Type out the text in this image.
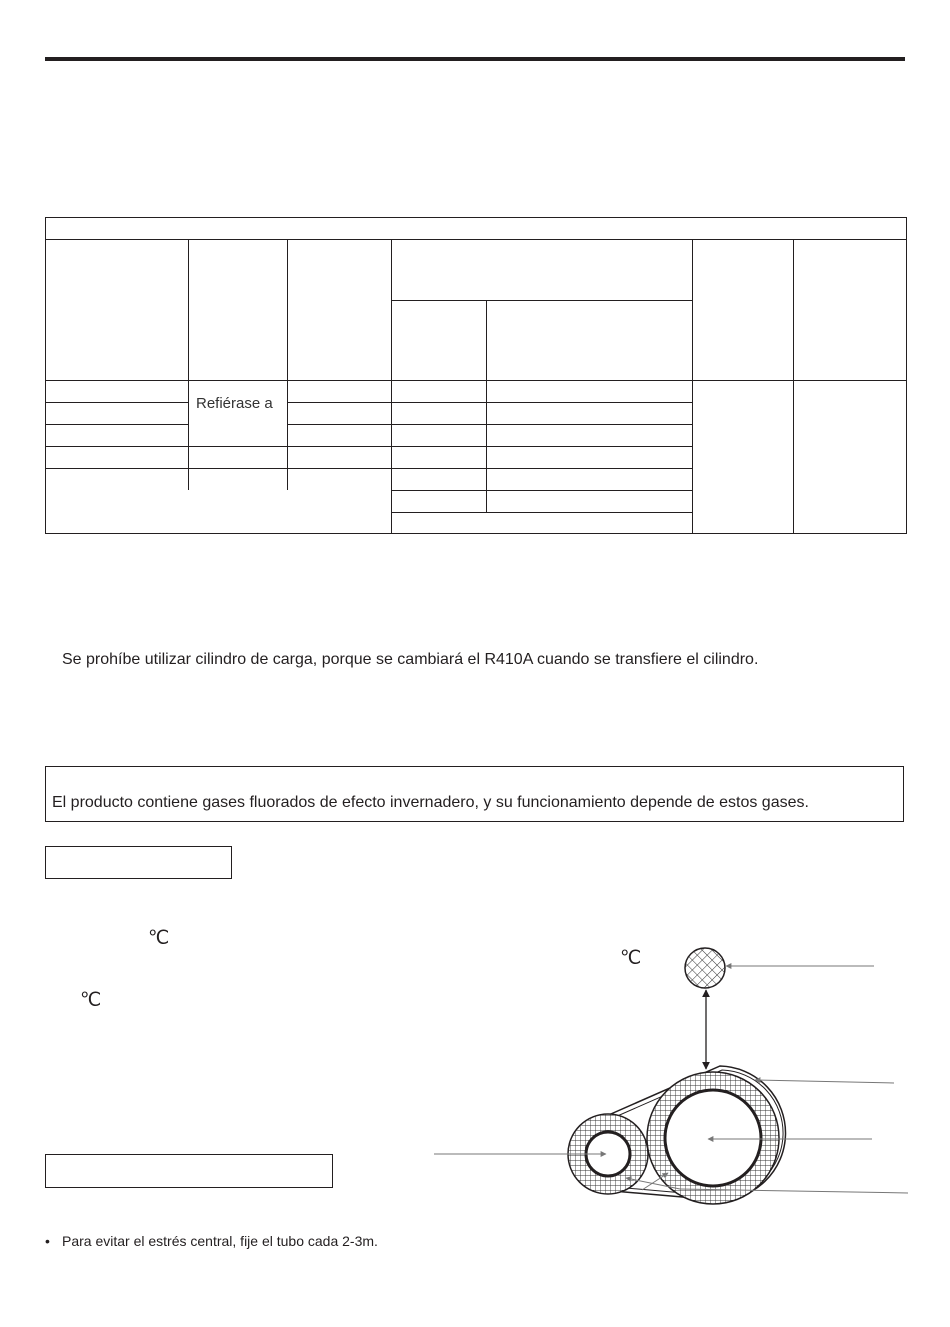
Refiérase a
Se prohíbe utilizar cilindro de carga, porque se cambiará el R410A cuando se transfiere el cilindro.
El producto contiene gases fluorados de efecto invernadero, y su funcionamiento depende de estos gases.
℃
℃
℃
• Para evitar el estrés central, fije el tubo cada 2-3m.
